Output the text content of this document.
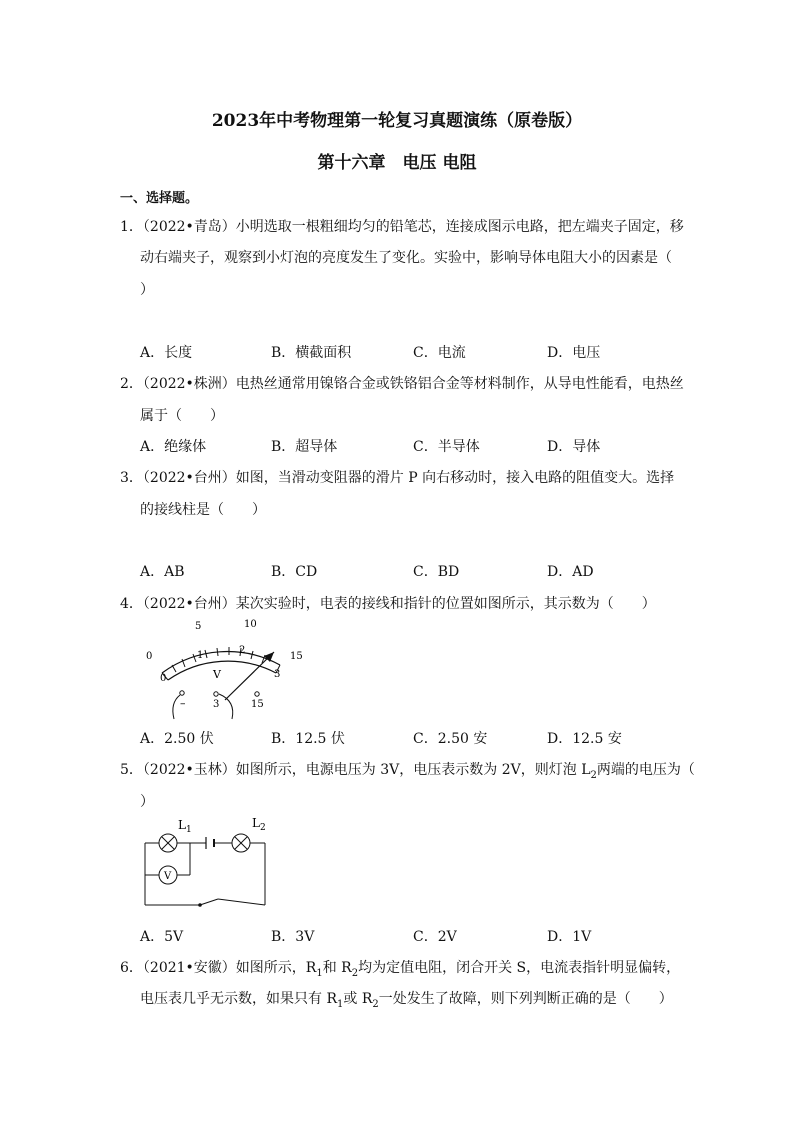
2023年中考物理第一轮复习真题演练（原卷版）
第十六章　电压 电阻
一、选择题。
1．（2022•青岛）小明选取一根粗细均匀的铅笔芯，连接成图示电路，把左端夹子固定，移
动右端夹子，观察到小灯泡的亮度发生了变化。实验中，影响导体电阻大小的因素是（
）
A．长度	B．横截面积	C．电流	D．电压
2．（2022•株洲）电热丝通常用镍铬合金或铁铬铝合金等材料制作，从导电性能看，电热丝
属于（　　）
A．绝缘体	B．超导体	C．半导体	D．导体
3．（2022•台州）如图，当滑动变阻器的滑片 P 向右移动时，接入电路的阻值变大。选择
的接线柱是（　　）
A．AB	B．CD	C．BD	D．AD
4．（2022•台州）某次实验时，电表的接线和指针的位置如图所示，其示数为（　　）
0
5	10
15
0
1	2
3
V
–	3	15
A．2.50 伏	B．12.5 伏	C．2.50 安	D．12.5 安
5．（2022•玉林）如图所示，电源电压为 3V，电压表示数为 2V，则灯泡 $L_2$两端的电压为（
）
V
$L_1$	$L_2$
A．5V	B．3V	C．2V	D．1V
6．（2021•安徽）如图所示，$R_1$和 $R_2$均为定值电阻，闭合开关 S，电流表指针明显偏转，
电压表几乎无示数，如果只有 $R_1$或 $R_2$一处发生了故障，则下列判断正确的是（　　）
